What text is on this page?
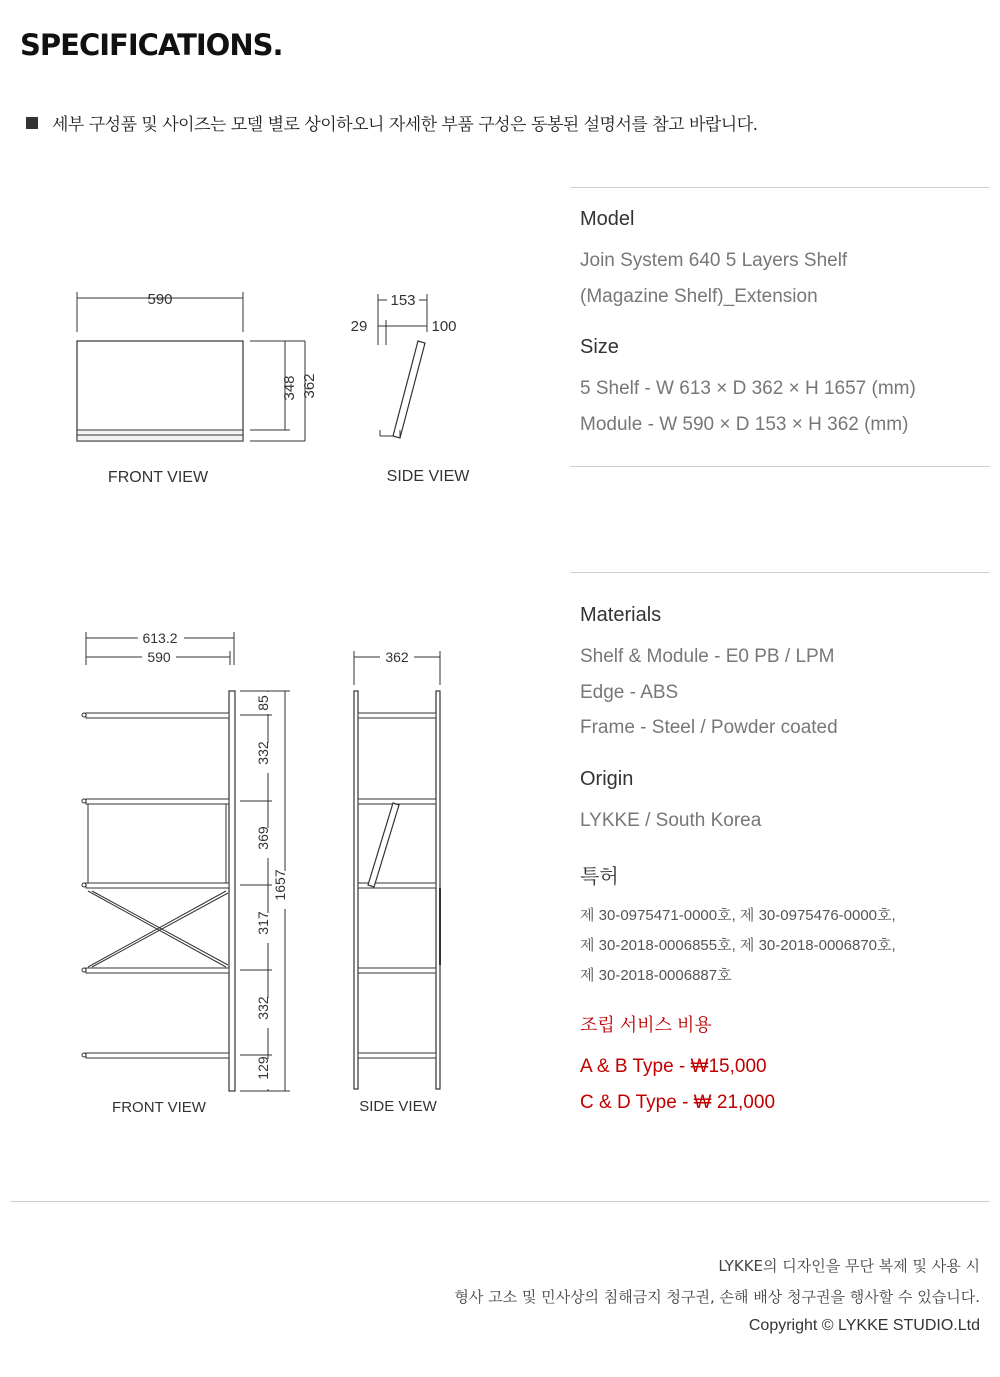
SPECIFICATIONS.
세부 구성품 및 사이즈는 모델 별로 상이하오니 자세한 부품 구성은 동봉된 설명서를 참고 바랍니다.
590
348 362
153
29	100
FRONT VIEW	SIDE VIEW
613.2
590	362
85
332
369
317
332
129
1657
FRONT VIEW	SIDE VIEW
Model
Join System 640 5 Layers Shelf
(Magazine Shelf)_Extension
Size
5 Shelf - W 613 × D 362 × H 1657 (mm)
Module - W 590 × D 153 × H 362 (mm)
Materials
Shelf & Module - E0 PB / LPM
Edge - ABS
Frame - Steel / Powder coated
Origin
LYKKE / South Korea
특허
제 30-0975471-0000호, 제 30-0975476-0000호,
제 30-2018-0006855호, 제 30-2018-0006870호,
제 30-2018-0006887호
조립 서비스 비용
A & B Type - ₩15,000
C & D Type - ₩ 21,000
LYKKE의 디자인을 무단 복제 및 사용 시
형사 고소 및 민사상의 침해금지 청구권, 손해 배상 청구권을 행사할 수 있습니다.
Copyright © LYKKE STUDIO.Ltd
